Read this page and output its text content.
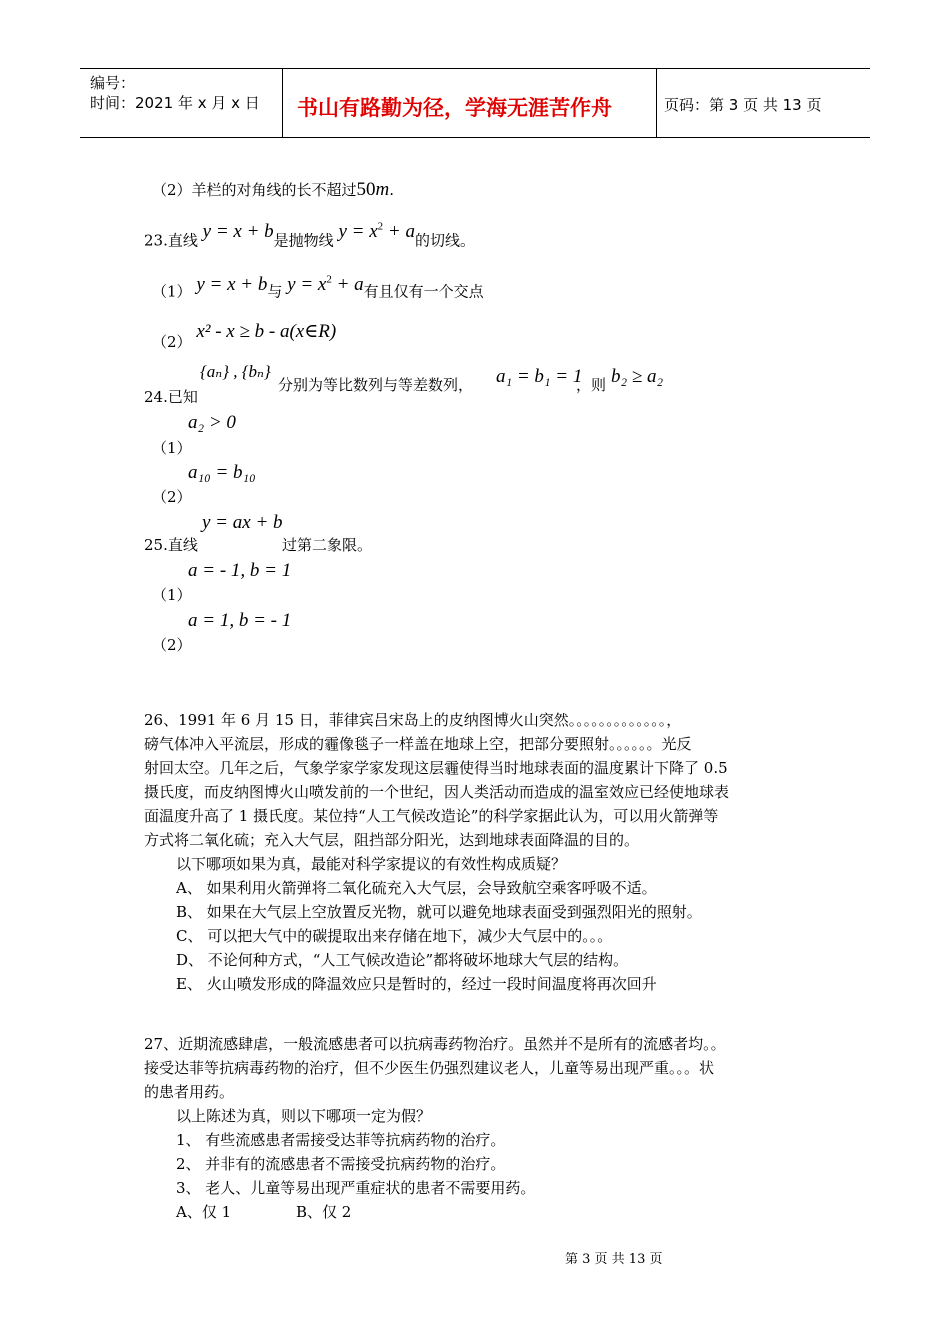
编号：
时间：2021 年 x 月 x 日 书山有路勤为径，学海无涯苦作舟	页码：第 3 页 共 13 页
（2）羊栏的对角线的长不超过50m.
23.直线 y = x + b是抛物线 $y = x^2 + a$的切线。
（1） y = x + b与 $y = x^2 + a$有且仅有一个交点
（2） x² - x ≥ b - a(x∈R)
{aₙ} , {bₙ}
分别为等比数列与等差数列， a₁ = b₁ = 1
，则 b₂ ≥ a₂
24.已知
a₂ > 0
（1）
a₁₀ = b₁₀
（2）
y = ax + b
25.直线	过第二象限。
a = - 1, b = 1
（1）
a = 1, b = - 1
（2）

26、1991 年 6 月 15 日，菲律宾吕宋岛上的皮纳图博火山突然。。。。。。。。。。。。。，

磅气体冲入平流层，形成的霾像毯子一样盖在地球上空，把部分要照射。。。。。。光反

射回太空。几年之后，气象学家学家发现这层霾使得当时地球表面的温度累计下降了 0.5

摄氏度，而皮纳图博火山喷发前的一个世纪，因人类活动而造成的温室效应已经使地球表

面温度升高了 1 摄氏度。某位持“人工气候改造论”的科学家据此认为，可以用火箭弹等

方式将二氧化硫；充入大气层，阻挡部分阳光，达到地球表面降温的目的。

以下哪项如果为真，最能对科学家提议的有效性构成质疑？

A、 如果利用火箭弹将二氧化硫充入大气层，会导致航空乘客呼吸不适。

B、 如果在大气层上空放置反光物，就可以避免地球表面受到强烈阳光的照射。

C、 可以把大气中的碳提取出来存储在地下，减少大气层中的。。。

D、 不论何种方式，“人工气候改造论”都将破坏地球大气层的结构。

E、 火山喷发形成的降温效应只是暂时的，经过一段时间温度将再次回升

27、近期流感肆虐，一般流感患者可以抗病毒药物治疗。虽然并不是所有的流感者均。。

接受达菲等抗病毒药物的治疗，但不少医生仍强烈建议老人，儿童等易出现严重。。。状

的患者用药。

以上陈述为真，则以下哪项一定为假？

1、 有些流感患者需接受达菲等抗病药物的治疗。

2、 并非有的流感患者不需接受抗病药物的治疗。

3、 老人、儿童等易出现严重症状的患者不需要用药。

A、仅 1	B、仅 2

第 3 页 共 13 页
